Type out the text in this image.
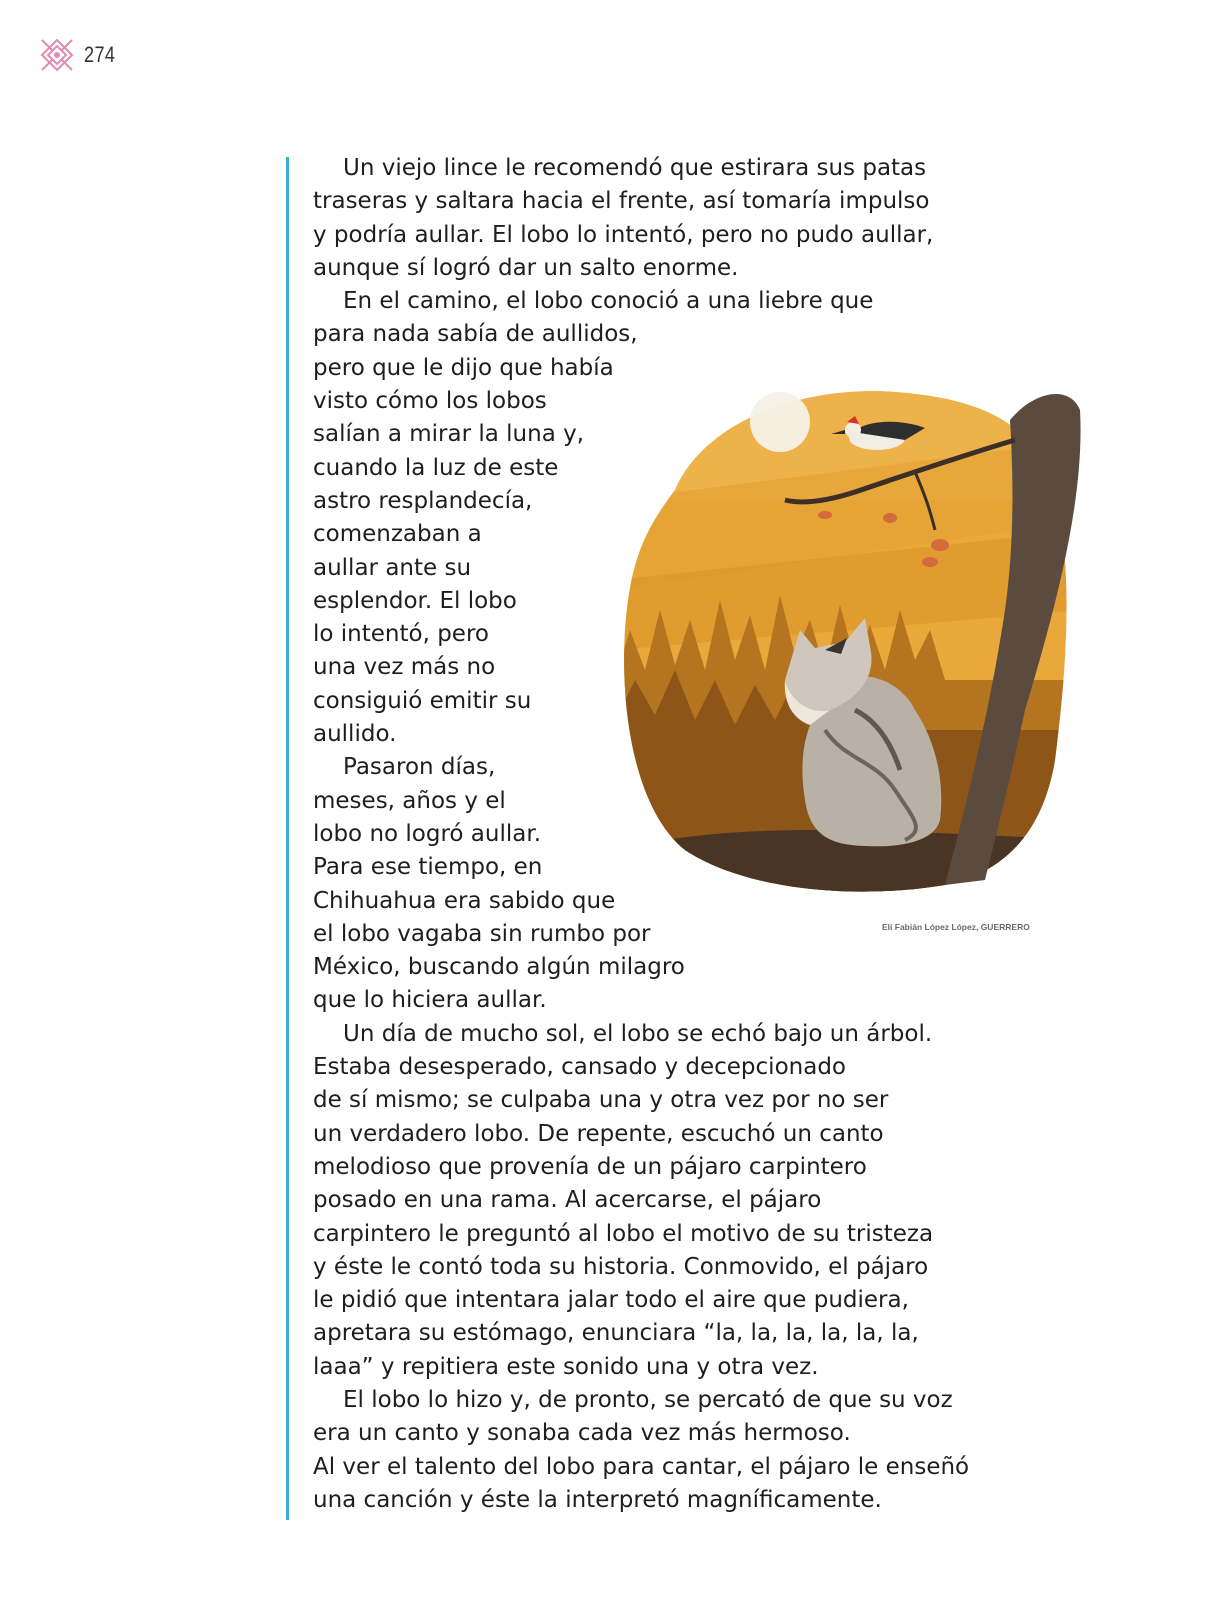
274
Un viejo lince le recomendó que estirara sus patas
traseras y saltara hacia el frente, así tomaría impulso
y podría aullar. El lobo lo intentó, pero no pudo aullar,
aunque sí logró dar un salto enorme.
En el camino, el lobo conoció a una liebre que
para nada sabía de aullidos,
pero que le dijo que había
visto cómo los lobos
salían a mirar la luna y,
cuando la luz de este
astro resplandecía,
comenzaban a
aullar ante su
esplendor. El lobo
lo intentó, pero
una vez más no
consiguió emitir su
aullido.
Pasaron días,
meses, años y el
lobo no logró aullar.
Para ese tiempo, en
Chihuahua era sabido que
el lobo vagaba sin rumbo por
México, buscando algún milagro
que lo hiciera aullar.
Un día de mucho sol, el lobo se echó bajo un árbol.
Estaba desesperado, cansado y decepcionado
de sí mismo; se culpaba una y otra vez por no ser
un verdadero lobo. De repente, escuchó un canto
melodioso que provenía de un pájaro carpintero
posado en una rama. Al acercarse, el pájaro
carpintero le preguntó al lobo el motivo de su tristeza
y éste le contó toda su historia. Conmovido, el pájaro
le pidió que intentara jalar todo el aire que pudiera,
apretara su estómago, enunciara “la, la, la, la, la, la,
laaa” y repitiera este sonido una y otra vez.
El lobo lo hizo y, de pronto, se percató de que su voz
era un canto y sonaba cada vez más hermoso.
Al ver el talento del lobo para cantar, el pájaro le enseñó
una canción y éste la interpretó magníficamente.
Elí Fabián López López, GUERRERO
